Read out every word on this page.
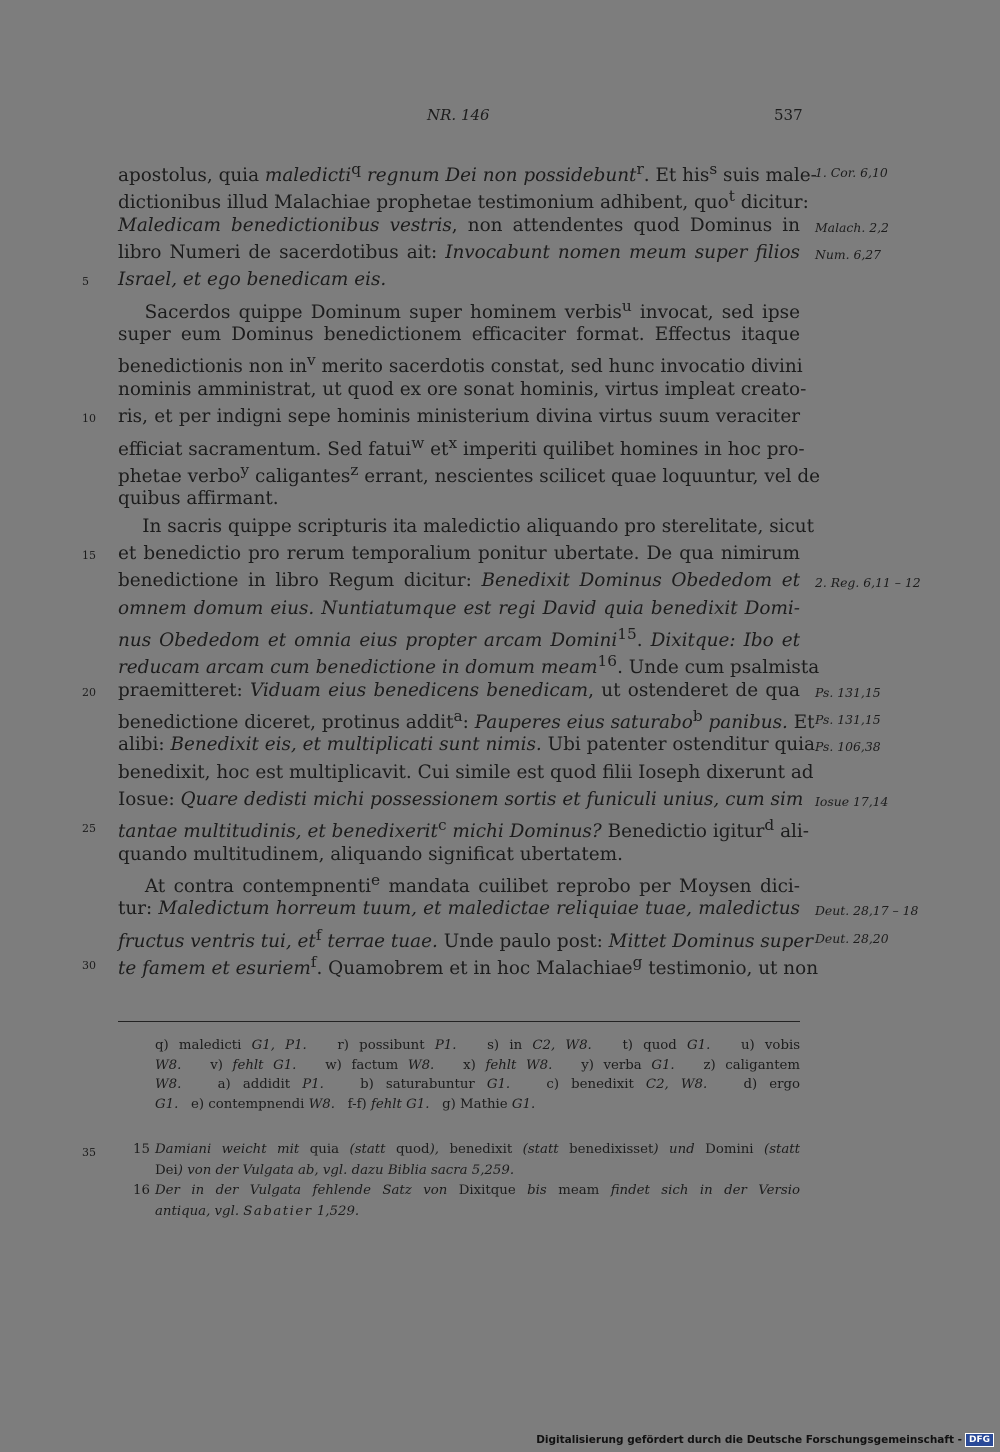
NR. 146	537
apostolus, quia maledicti$^q$ regnum Dei non possidebunt$^r$. Et his$^s$ suis male-
dictionibus illud Malachiae prophetae testimonium adhibent, quo$^t$ dicitur:
Maledicam benedictionibus vestris, non attendentes quod Dominus in
libro Numeri de sacerdotibus ait: Invocabunt nomen meum super filios
Israel, et ego benedicam eis.
  Sacerdos quippe Dominum super hominem verbis$^u$ invocat, sed ipse
super eum Dominus benedictionem efficaciter format. Effectus itaque
benedictionis non $in^v$ merito sacerdotis constat, sed hunc invocatio divini
nominis amministrat, ut quod ex ore sonat hominis, virtus impleat creato-
ris, et per indigni sepe hominis ministerium divina virtus suum veraciter
efficiat sacramentum. Sed fatui$^w$ $et^x$ imperiti quilibet homines in hoc pro-
phetae verbo$^y$ caligantes$^z$ errant, nescientes scilicet quae loquuntur, vel de
quibus affirmant.
  In sacris quippe scripturis ita maledictio aliquando pro sterelitate, sicut
et benedictio pro rerum temporalium ponitur ubertate. De qua nimirum
benedictione in libro Regum dicitur: Benedixit Dominus Obededom et
omnem domum eius. Nuntiatumque est regi David quia benedixit Domi-
nus Obededom et omnia eius propter arcam Domini$^{15}$. Dixitque: Ibo et
reducam arcam cum benedictione in domum meam$^{16}$. Unde cum psalmista
praemitteret: Viduam eius benedicens benedicam, ut ostenderet de qua
benedictione diceret, protinus addit$^a$: Pauperes eius saturabo$^b$ panibus. Et
alibi: Benedixit eis, et multiplicati sunt nimis. Ubi patenter ostenditur quia
benedixit, hoc est multiplicavit. Cui simile est quod filii Ioseph dixerunt ad
Iosue: Quare dedisti michi possessionem sortis et funiculi unius, cum sim
tantae multitudinis, et benedixerit$^c$ michi Dominus? Benedictio igitur$^d$ ali-
quando multitudinem, aliquando significat ubertatem.
  At contra contempnenti$^e$ mandata cuilibet reprobo per Moysen dici-
tur: Maledictum horreum tuum, et maledictae reliquiae tuae, maledictus
fructus ventris tui, $et^f$ terrae tuae. Unde paulo post: Mittet Dominus super
te famem et esuriem$^f$. Quamobrem et in hoc Malachiae$^g$ testimonio, ut non
5
10
15
20
25
30
1. Cor. 6,10
Malach. 2,2
Num. 6,27
2. Reg. 6,11 – 12
Ps. 131,15
Ps. 131,15
Ps. 106,38
Iosue 17,14
Deut. 28,17 – 18
Deut. 28,20
q) maledicti G1, P1.   r) possibunt P1.   s) in C2, W8.   t) quod G1.   u) vobis
W8.   v) fehlt G1.   w) factum W8.   x) fehlt W8.   y) verba G1.   z) caligantem
W8.   a) addidit P1.   b) saturabuntur G1.   c) benedixit C2, W8.   d) ergo
G1.   e) contempnendi W8.   f-f) fehlt G1.   g) Mathie G1.
15 Damiani weicht mit quia (statt quod), benedixit (statt benedixisset) und Domini (statt
Dei) von der Vulgata ab, vgl. dazu Biblia sacra 5,259.
16 Der in der Vulgata fehlende Satz von Dixitque bis meam findet sich in der Versio
antiqua, vgl. Sabatier 1,529.
35
Digitalisierung gefördert durch die Deutsche Forschungsgemeinschaft - DFG
